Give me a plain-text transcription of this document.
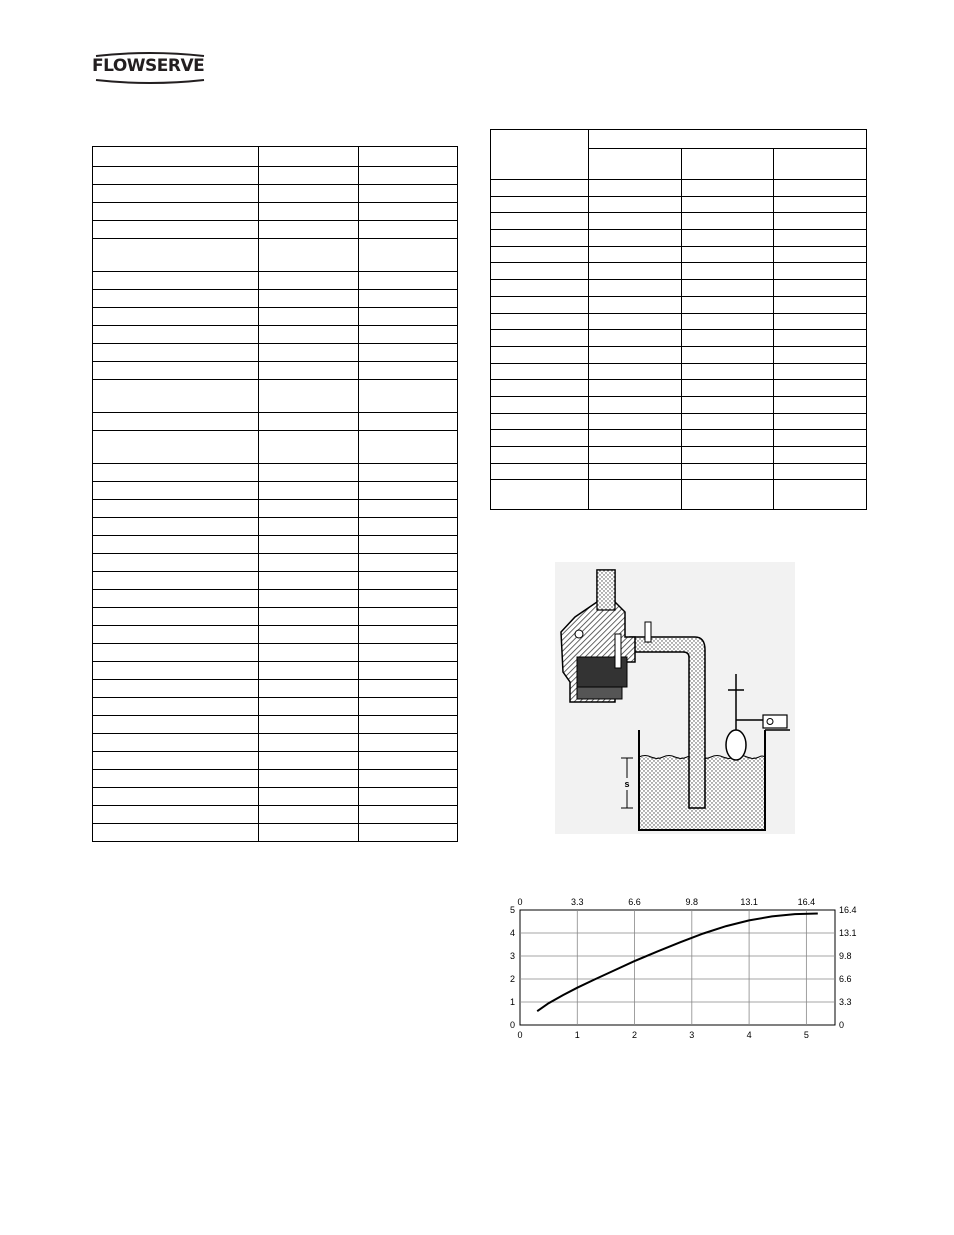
FLOWSERVE

s
0
0
1
3.3
2
6.6
3
9.8
4
13.1
5
16.4
0	0
1	3.3
2	6.6
3	9.8
4	13.1
5	16.4
